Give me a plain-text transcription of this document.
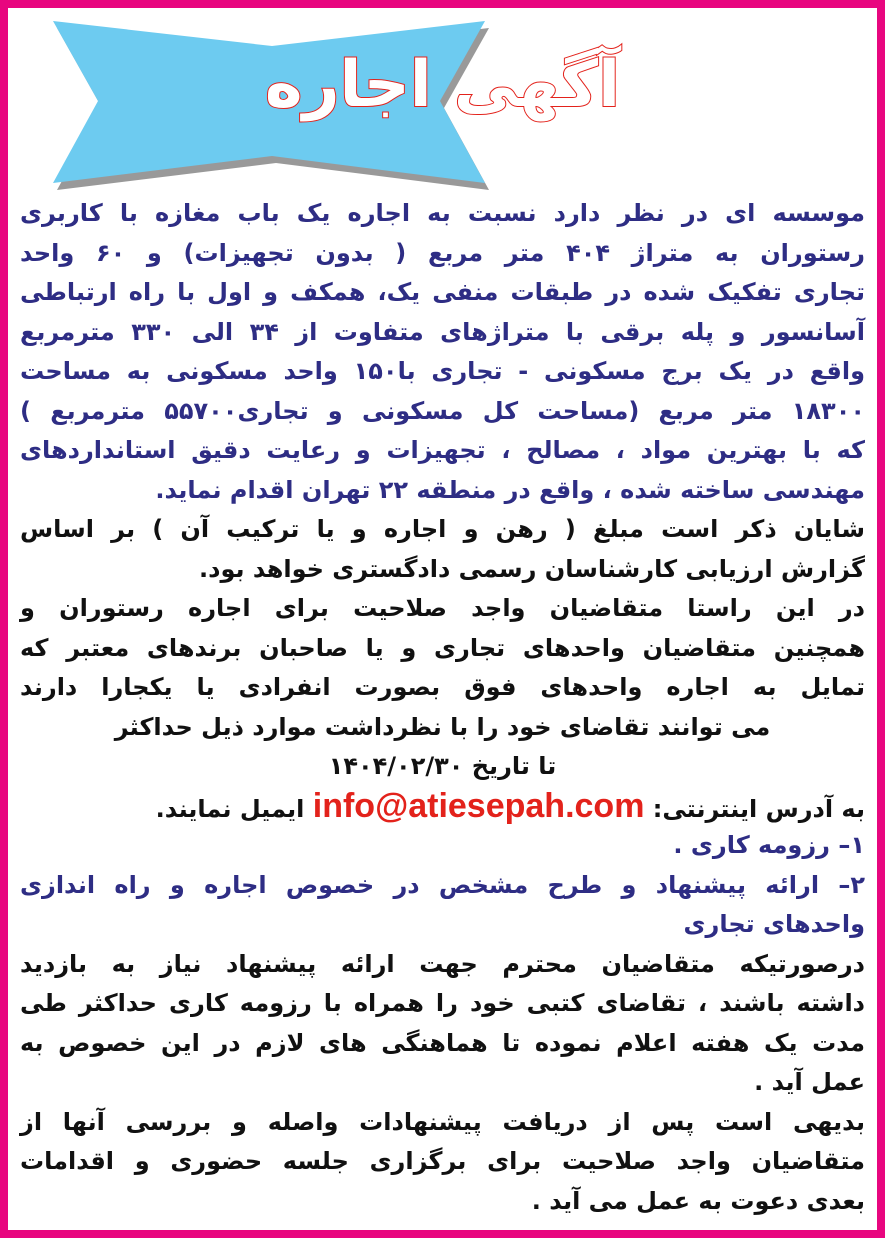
آگهی اجاره
موسسه ای در نظر دارد نسبت به اجاره یک باب مغازه با کاربری
رستوران به متراژ ۴۰۴ متر مربع ( بدون تجهیزات) و ۶۰ واحد
تجاری تفکیک شده در طبقات منفی یک، همکف و اول با راه ارتباطی
آسانسور و پله برقی با متراژهای متفاوت از ۳۴ الی ۳۳۰ مترمربع
واقع در یک برج مسکونی - تجاری با۱۵۰ واحد مسکونی به مساحت
۱۸۳۰۰ متر مربع (مساحت کل مسکونی و تجاری۵۵۷۰۰ مترمربع )
که با بهترین مواد ، مصالح ، تجهیزات و رعایت دقیق استانداردهای
مهندسی ساخته شده ، واقع در منطقه ۲۲ تهران اقدام نماید.
شایان ذکر است مبلغ ( رهن و اجاره و یا ترکیب آن ) بر اساس
گزارش ارزیابی کارشناسان رسمی دادگستری خواهد بود.
در این راستا متقاضیان واجد صلاحیت برای اجاره رستوران و
همچنین متقاضیان واحدهای تجاری و یا صاحبان برندهای معتبر که
تمایل به اجاره واحدهای فوق بصورت انفرادی یا یکجارا دارند
می توانند تقاضای خود را با نظرداشت موارد ذیل حداکثر
تا تاریخ ۱۴۰۴/۰۲/۳۰
به آدرس اینترنتی: info@atiesepah.com ایمیل نمایند.
۱– رزومه کاری .
۲– ارائه پیشنهاد و طرح مشخص در خصوص اجاره و راه اندازی
واحدهای تجاری
درصورتیکه متقاضیان محترم جهت ارائه پیشنهاد نیاز به بازدید
داشته باشند ، تقاضای کتبی خود را همراه با رزومه کاری حداکثر طی
مدت یک هفته اعلام نموده تا هماهنگی های لازم در این خصوص به
عمل آید .
بدیهی است پس از دریافت پیشنهادات واصله و بررسی آنها از
متقاضیان واجد صلاحیت برای برگزاری جلسه حضوری و اقدامات
بعدی دعوت به عمل می آید .
